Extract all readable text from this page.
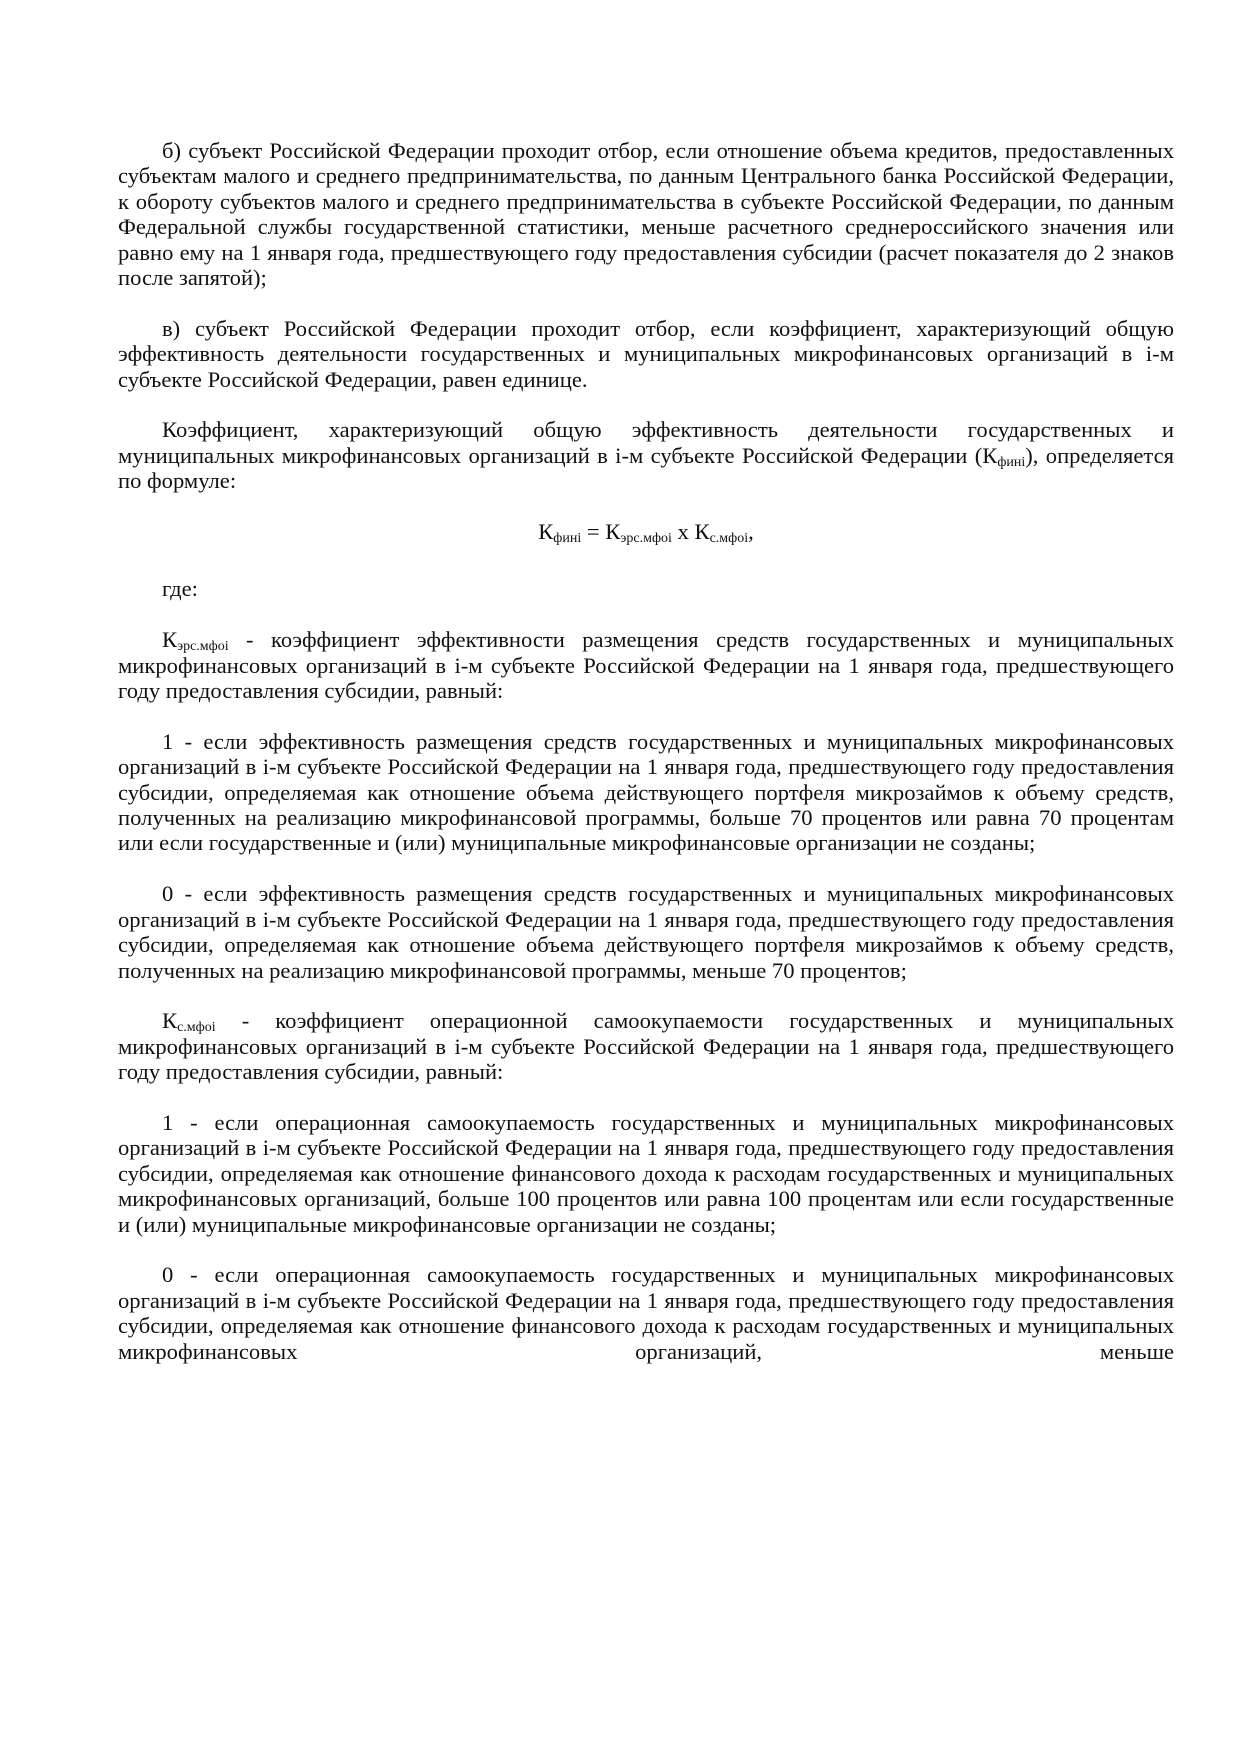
б) субъект Российской Федерации проходит отбор, если отношение объема кредитов, предоставленных субъектам малого и среднего предпринимательства, по данным Центрального банка Российской Федерации, к обороту субъектов малого и среднего предпринимательства в субъекте Российской Федерации, по данным Федеральной службы государственной статистики, меньше расчетного среднероссийского значения или равно ему на 1 января года, предшествующего году предоставления субсидии (расчет показателя до 2 знаков после запятой);

в) субъект Российской Федерации проходит отбор, если коэффициент, характеризующий общую эффективность деятельности государственных и муниципальных микрофинансовых организаций в i-м субъекте Российской Федерации, равен единице.

Коэффициент, характеризующий общую эффективность деятельности государственных и муниципальных микрофинансовых организаций в i-м субъекте Российской Федерации $(К_{финi})$, определяется по формуле:

$К_{финi} = К_{эрс.мфоi}$ x $К_{с.мфоi}$,

где:

$К_{эрс.мфоi}$ - коэффициент эффективности размещения средств государственных и муниципальных микрофинансовых организаций в i-м субъекте Российской Федерации на 1 января года, предшествующего году предоставления субсидии, равный:

1 - если эффективность размещения средств государственных и муниципальных микрофинансовых организаций в i-м субъекте Российской Федерации на 1 января года, предшествующего году предоставления субсидии, определяемая как отношение объема действующего портфеля микрозаймов к объему средств, полученных на реализацию микрофинансовой программы, больше 70 процентов или равна 70 процентам или если государственные и (или) муниципальные микрофинансовые организации не созданы;

0 - если эффективность размещения средств государственных и муниципальных микрофинансовых организаций в i-м субъекте Российской Федерации на 1 января года, предшествующего году предоставления субсидии, определяемая как отношение объема действующего портфеля микрозаймов к объему средств, полученных на реализацию микрофинансовой программы, меньше 70 процентов;

$К_{с.мфоi}$ - коэффициент операционной самоокупаемости государственных и муниципальных микрофинансовых организаций в i-м субъекте Российской Федерации на 1 января года, предшествующего году предоставления субсидии, равный:

1 - если операционная самоокупаемость государственных и муниципальных микрофинансовых организаций в i-м субъекте Российской Федерации на 1 января года, предшествующего году предоставления субсидии, определяемая как отношение финансового дохода к расходам государственных и муниципальных микрофинансовых организаций, больше 100 процентов или равна 100 процентам или если государственные и (или) муниципальные микрофинансовые организации не созданы;

0 - если операционная самоокупаемость государственных и муниципальных микрофинансовых организаций в i-м субъекте Российской Федерации на 1 января года, предшествующего году предоставления субсидии, определяемая как отношение финансового дохода к расходам государственных и муниципальных микрофинансовых организаций, меньше
